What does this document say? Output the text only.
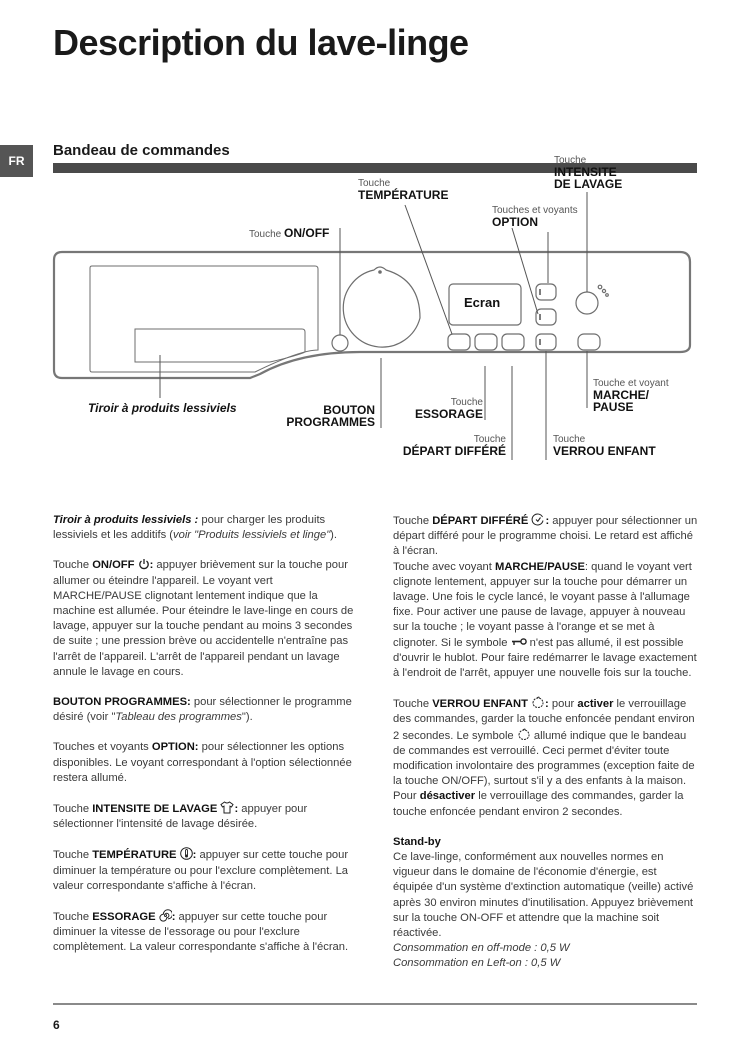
Description du lave-linge
FR
Bandeau de commandes
Touche ON/OFF
Touche
TEMPÉRATURE
Touches et voyants
OPTION
Touche
INTENSITE
DE LAVAGE
Tiroir à produits lessiviels	BOUTON
PROGRAMMES
Touche
ESSORAGE
Touche
DÉPART DIFFÉRÉ
Touche et voyant
MARCHE/
PAUSE
Touche
VERROU ENFANT
Ecran

Tiroir à produits lessiviels : pour charger les produits lessiviels et les additifs (voir "Produits lessiviels et linge").

Touche ON/OFF : appuyer brièvement sur la touche pour allumer ou éteindre l'appareil. Le voyant vert MARCHE/PAUSE clignotant lentement indique que la machine est allumée. Pour éteindre le lave-linge en cours de lavage, appuyer sur la touche pendant au moins 3 secondes de suite ; une pression brève ou accidentelle n'entraîne pas l'arrêt de l'appareil. L'arrêt de l'appareil pendant un lavage annule le lavage en cours.

BOUTON PROGRAMMES: pour sélectionner le programme désiré (voir "Tableau des programmes").

Touches et voyants OPTION: pour sélectionner les options disponibles. Le voyant correspondant à l'option sélectionnée restera allumé.

Touche INTENSITE DE LAVAGE : appuyer pour sélectionner l'intensité de lavage désirée.

Touche TEMPÉRATURE : appuyer sur cette touche pour diminuer la température ou pour l'exclure complètement. La valeur correspondante s'affiche à l'écran.

Touche ESSORAGE : appuyer sur cette touche pour diminuer la vitesse de l'essorage ou pour l'exclure complètement. La valeur correspondante s'affiche à l'écran.

Touche DÉPART DIFFÉRÉ : appuyer pour sélectionner un départ différé pour le programme choisi. Le retard est affiché à l'écran.

Touche avec voyant MARCHE/PAUSE: quand le voyant vert clignote lentement, appuyer sur la touche pour démarrer un lavage. Une fois le cycle lancé, le voyant passe à l'allumage fixe. Pour activer une pause de lavage, appuyer à nouveau sur la touche ; le voyant passe à l'orange et se met à clignoter. Si le symbole  n'est pas allumé, il est possible d'ouvrir le hublot. Pour faire redémarrer le lavage exactement à l'endroit de l'arrêt, appuyer une nouvelle fois sur la touche.

Touche VERROU ENFANT : pour activer le verrouillage des commandes, garder la touche enfoncée pendant environ 2 secondes. Le symbole  allumé indique que le bandeau de commandes est verrouillé. Ceci permet d'éviter toute modification involontaire des programmes (exception faite de la touche ON/OFF), surtout s'il y a des enfants à la maison. Pour désactiver le verrouillage des commandes, garder la touche enfoncée pendant environ 2 secondes.

Stand-by

Ce lave-linge, conformément aux nouvelles normes en vigueur dans le domaine de l'économie d'énergie, est équipée d'un système d'extinction automatique (veille) activé après 30 environ minutes d'inutilisation. Appuyez brièvement sur la touche ON-OFF et attendre que la machine soit réactivée.

Consommation en off-mode : 0,5 W

Consommation en Left-on : 0,5 W

6
